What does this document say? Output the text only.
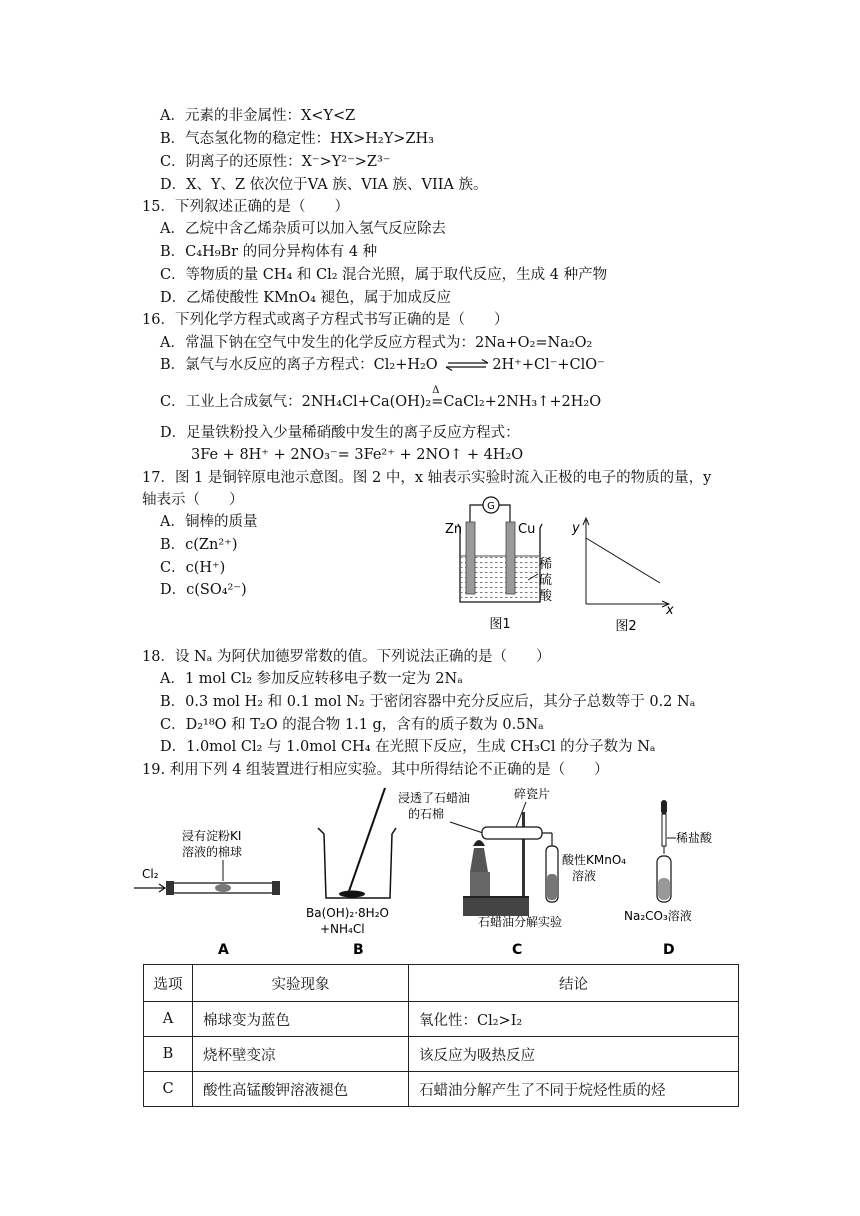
A．元素的非金属性：X<Y<Z
B．气态氢化物的稳定性：HX>H₂Y>ZH₃
C．阴离子的还原性：X⁻>Y²⁻>Z³⁻
D．X、Y、Z 依次位于VA 族、VIA 族、VIIA 族。
15．下列叙述正确的是（　　）
A．乙烷中含乙烯杂质可以加入氢气反应除去
B．C₄H₉Br 的同分异构体有 4 种
C．等物质的量 CH₄ 和 Cl₂ 混合光照，属于取代反应，生成 4 种产物
D．乙烯使酸性 KMnO₄ 褪色，属于加成反应
16．下列化学方程式或离子方程式书写正确的是（　　）
A．常温下钠在空气中发生的化学反应方程式为：2Na+O₂=Na₂O₂
B．氯气与水反应的离子方程式：Cl₂+H₂O ⇌ 2H⁺+Cl⁻+ClO⁻
C．工业上合成氨气：2NH₄Cl+Ca(OH)₂
Δ
=CaCl₂+2NH₃↑+2H₂O
D．足量铁粉投入少量稀硝酸中发生的离子反应方程式：
3Fe + 8H⁺ + 2NO₃⁻= 3Fe²⁺ + 2NO↑ + 4H₂O
17．图 1 是铜锌原电池示意图。图 2 中，x 轴表示实验时流入正极的电子的物质的量，y
轴表示（　　）
A．铜棒的质量
B．c(Zn²⁺)
C．c(H⁺)
D．c(SO₄²⁻)
G
Zn	Cu
稀
硫
酸
图1
y
x
图2
18．设 Nₐ 为阿伏加德罗常数的值。下列说法正确的是（　　）
A．1 mol Cl₂ 参加反应转移电子数一定为 2Nₐ
B．0.3 mol H₂ 和 0.1 mol N₂ 于密闭容器中充分反应后，其分子总数等于 0.2 Nₐ
C．D₂¹⁸O 和 T₂O 的混合物 1.1 g，含有的质子数为 0.5Nₐ
D．1.0mol Cl₂ 与 1.0mol CH₄ 在光照下反应，生成 CH₃Cl 的分子数为 Nₐ
19. 利用下列 4 组装置进行相应实验。其中所得结论不正确的是（　　）
浸有淀粉KI
溶液的棉球
Cl₂
A
Ba(OH)₂·8H₂O
+NH₄Cl
B
浸透了石蜡油
的石棉
碎瓷片
酸性KMnO₄
溶液
石蜡油分解实验
C
稀盐酸
Na₂CO₃溶液
D
选项	实验现象	结论
A	棉球变为蓝色	氧化性：Cl₂>I₂
B	烧杯壁变凉	该反应为吸热反应
C	酸性高锰酸钾溶液褪色	石蜡油分解产生了不同于烷烃性质的烃
